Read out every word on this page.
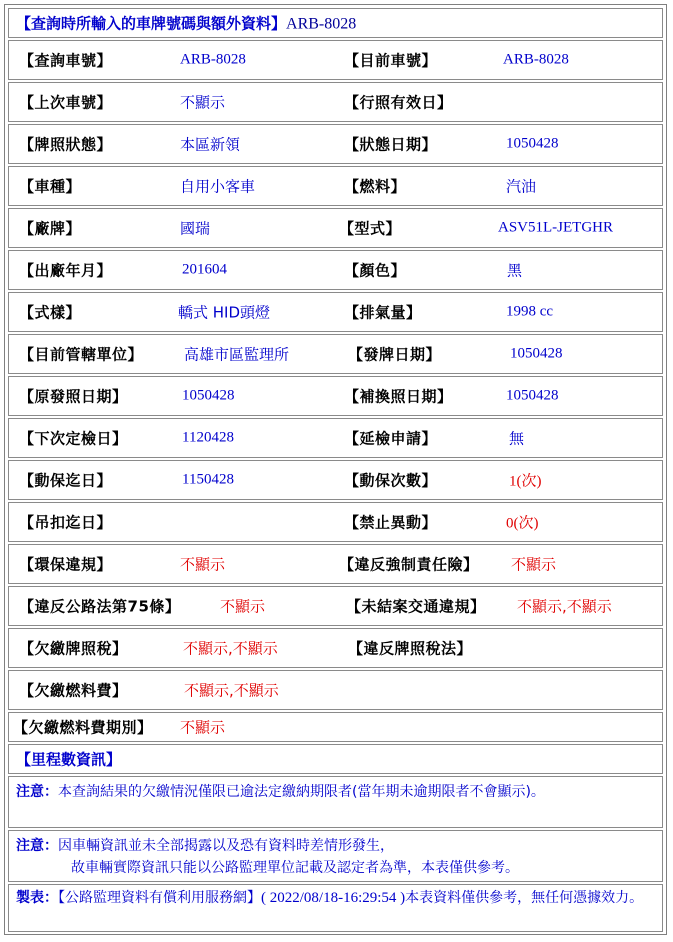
【查詢時所輸入的車牌號碼與額外資料】ARB-8028
【查詢車號】	ARB-8028	【目前車號】	ARB-8028
【上次車號】	不顯示	【行照有效日】
【牌照狀態】	本區新領	【狀態日期】	1050428
【車種】	自用小客車	【燃料】	汽油
【廠牌】	國瑞	【型式】	ASV51L-JETGHR
【出廠年月】	201604	【顏色】	黑
【式樣】	轎式 HID頭燈	【排氣量】	1998 cc
【目前管轄單位】	高雄市區監理所	【發牌日期】	1050428
【原發照日期】	1050428	【補換照日期】	1050428
【下次定檢日】	1120428	【延檢申請】	無
【動保迄日】	1150428	【動保次數】	1(次)
【吊扣迄日】	【禁止異動】	0(次)
【環保違規】	不顯示	【違反強制責任險】 不顯示
【違反公路法第75條】	不顯示	【未結案交通違規】 不顯示,不顯示
【欠繳牌照稅】	不顯示,不顯示	【違反牌照稅法】
【欠繳燃料費】	不顯示,不顯示
【欠繳燃料費期別】 不顯示
【里程數資訊】
注意：本查詢結果的欠繳情況僅限已逾法定繳納期限者(當年期未逾期限者不會顯示)。
注意：因車輛資訊並未全部揭露以及恐有資料時差情形發生，
故車輛實際資訊只能以公路監理單位記載及認定者為準，本表僅供參考。
製表：【公路監理資料有償利用服務網】( 2022/08/18-16:29:54 )本表資料僅供參考，無任何憑據效力。
